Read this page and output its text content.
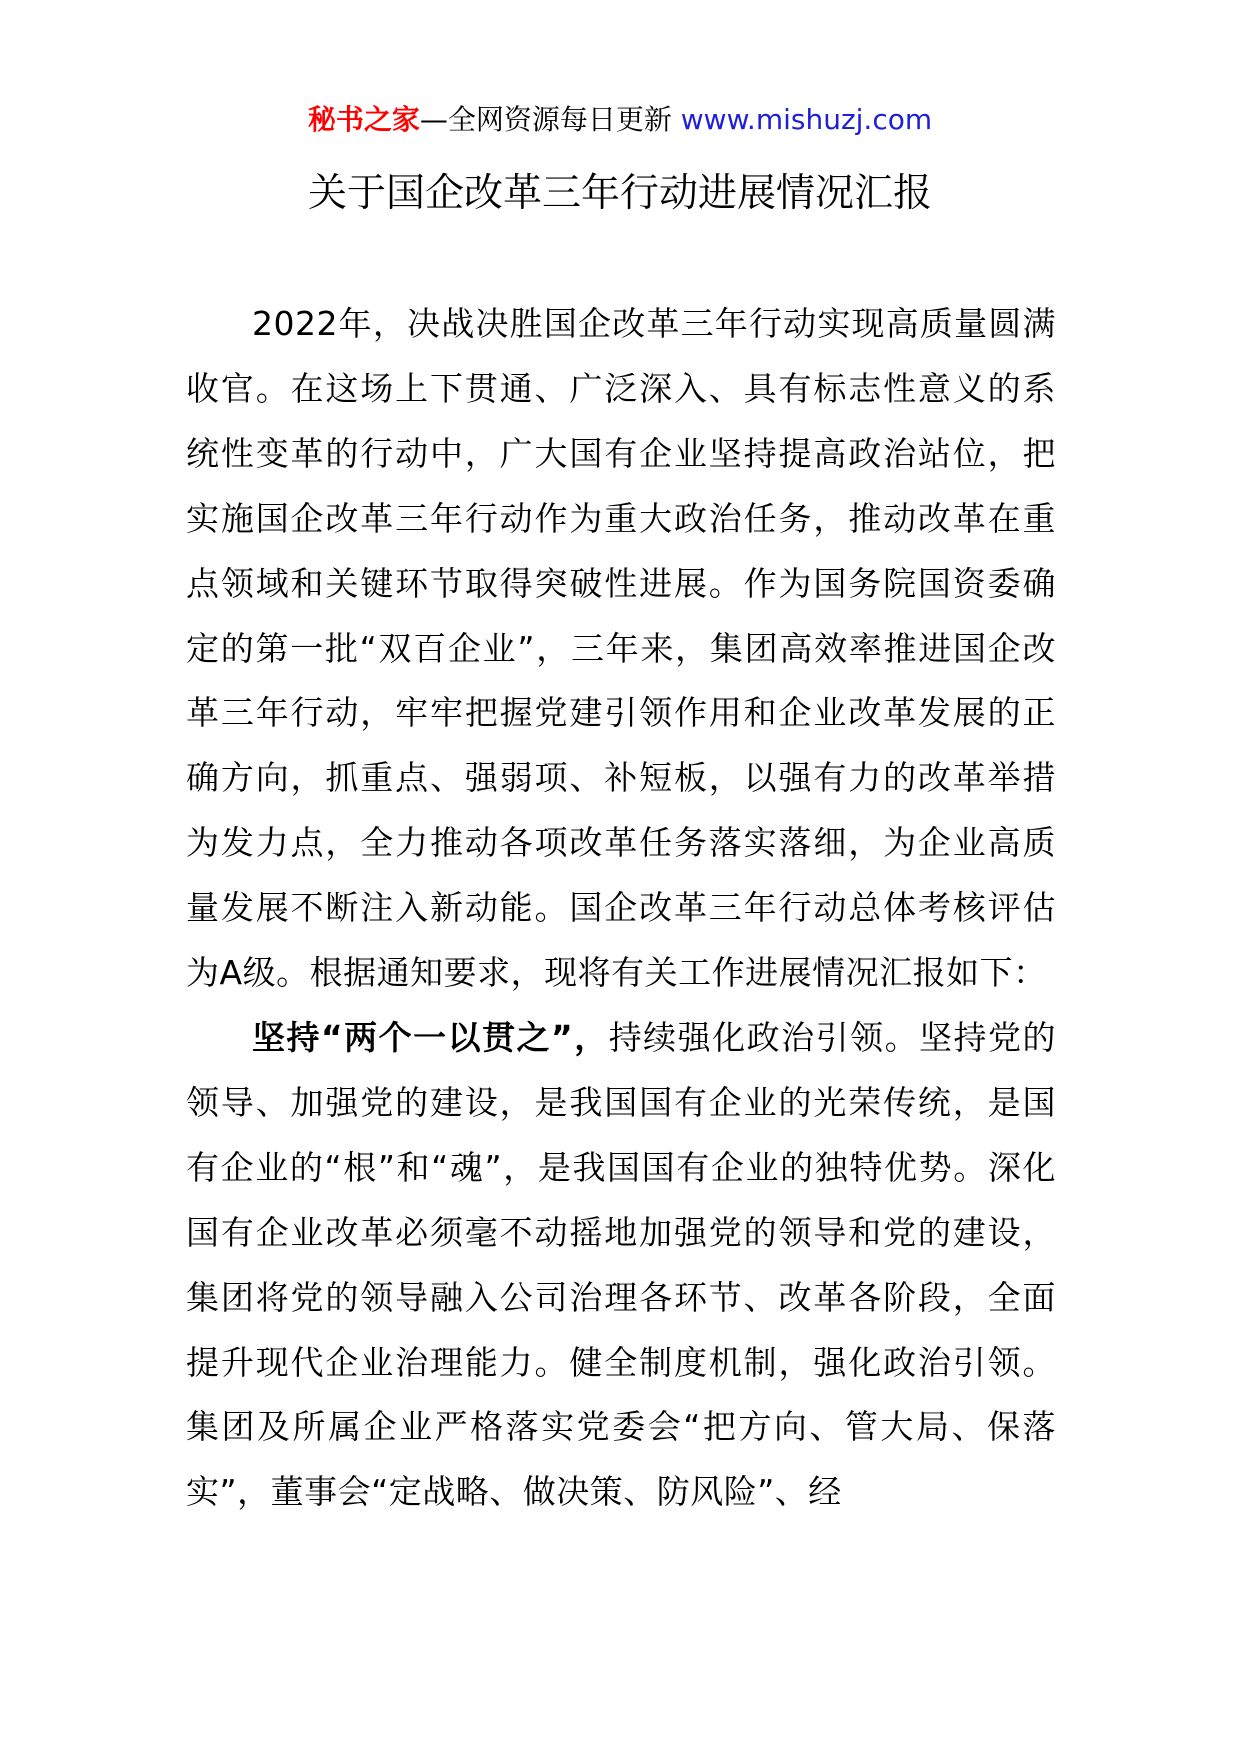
秘书之家—全网资源每日更新 www.mishuzj.com
关于国企改革三年行动进展情况汇报

2022年，决战决胜国企改革三年行动实现高质量圆满收官。在这场上下贯通、广泛深入、具有标志性意义的系统性变革的行动中，广大国有企业坚持提高政治站位，把实施国企改革三年行动作为重大政治任务，推动改革在重点领域和关键环节取得突破性进展。作为国务院国资委确定的第一批“双百企业”，三年来，集团高效率推进国企改革三年行动，牢牢把握党建引领作用和企业改革发展的正确方向，抓重点、强弱项、补短板，以强有力的改革举措为发力点，全力推动各项改革任务落实落细，为企业高质量发展不断注入新动能。国企改革三年行动总体考核评估为A级。根据通知要求，现将有关工作进展情况汇报如下：

坚持“两个一以贯之”，持续强化政治引领。坚持党的领导、加强党的建设，是我国国有企业的光荣传统，是国有企业的“根”和“魂”，是我国国有企业的独特优势。深化国有企业改革必须毫不动摇地加强党的领导和党的建设，集团将党的领导融入公司治理各环节、改革各阶段，全面提升现代企业治理能力。健全制度机制，强化政治引领。集团及所属企业严格落实党委会“把方向、管大局、保落实”，董事会“定战略、做决策、防风险”、经
